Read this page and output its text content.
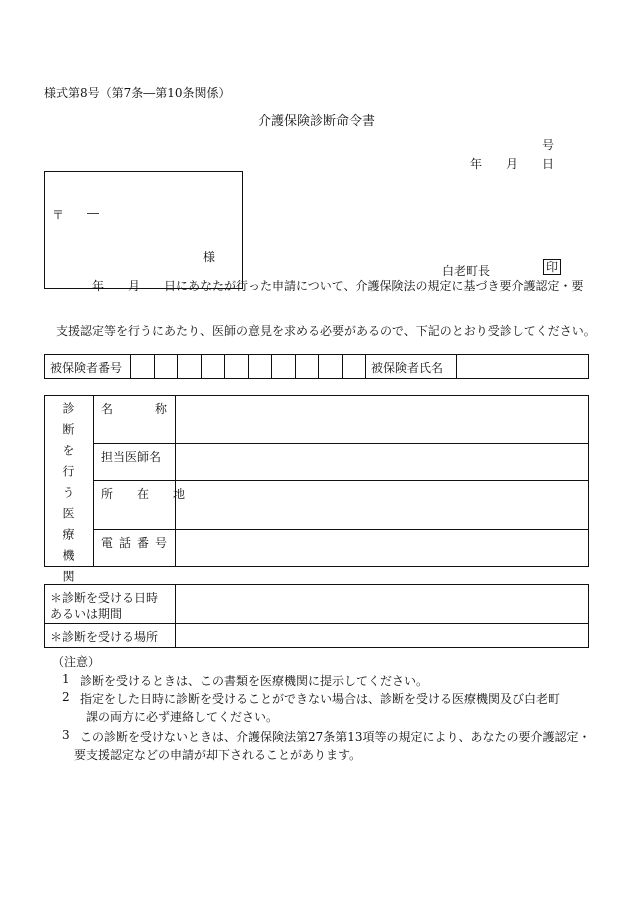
様式第8号（第7条―第10条関係）
介護保険診断命令書
号
年 月 日
〒 ―
様
白老町長	印
年 月 日にあなたが行った申請について、介護保険法の規定に基づき要介護認定・要
支援認定等を行うにあたり、医師の意見を求める必要があるので、下記のとおり受診してください。
被保険者番号	被保険者氏名
診断を行う医療機関 名　　称
担当医師名
所　在　地
電話番号
＊診断を受ける日時
あるいは期間
＊診断を受ける場所
（注意）
1 診断を受けるときは、この書類を医療機関に提示してください。
2 指定をした日時に診断を受けることができない場合は、診断を受ける医療機関及び白老町
課の両方に必ず連絡してください。
3 この診断を受けないときは、介護保険法第27条第13項等の規定により、あなたの要介護認定・
要支援認定などの申請が却下されることがあります。
